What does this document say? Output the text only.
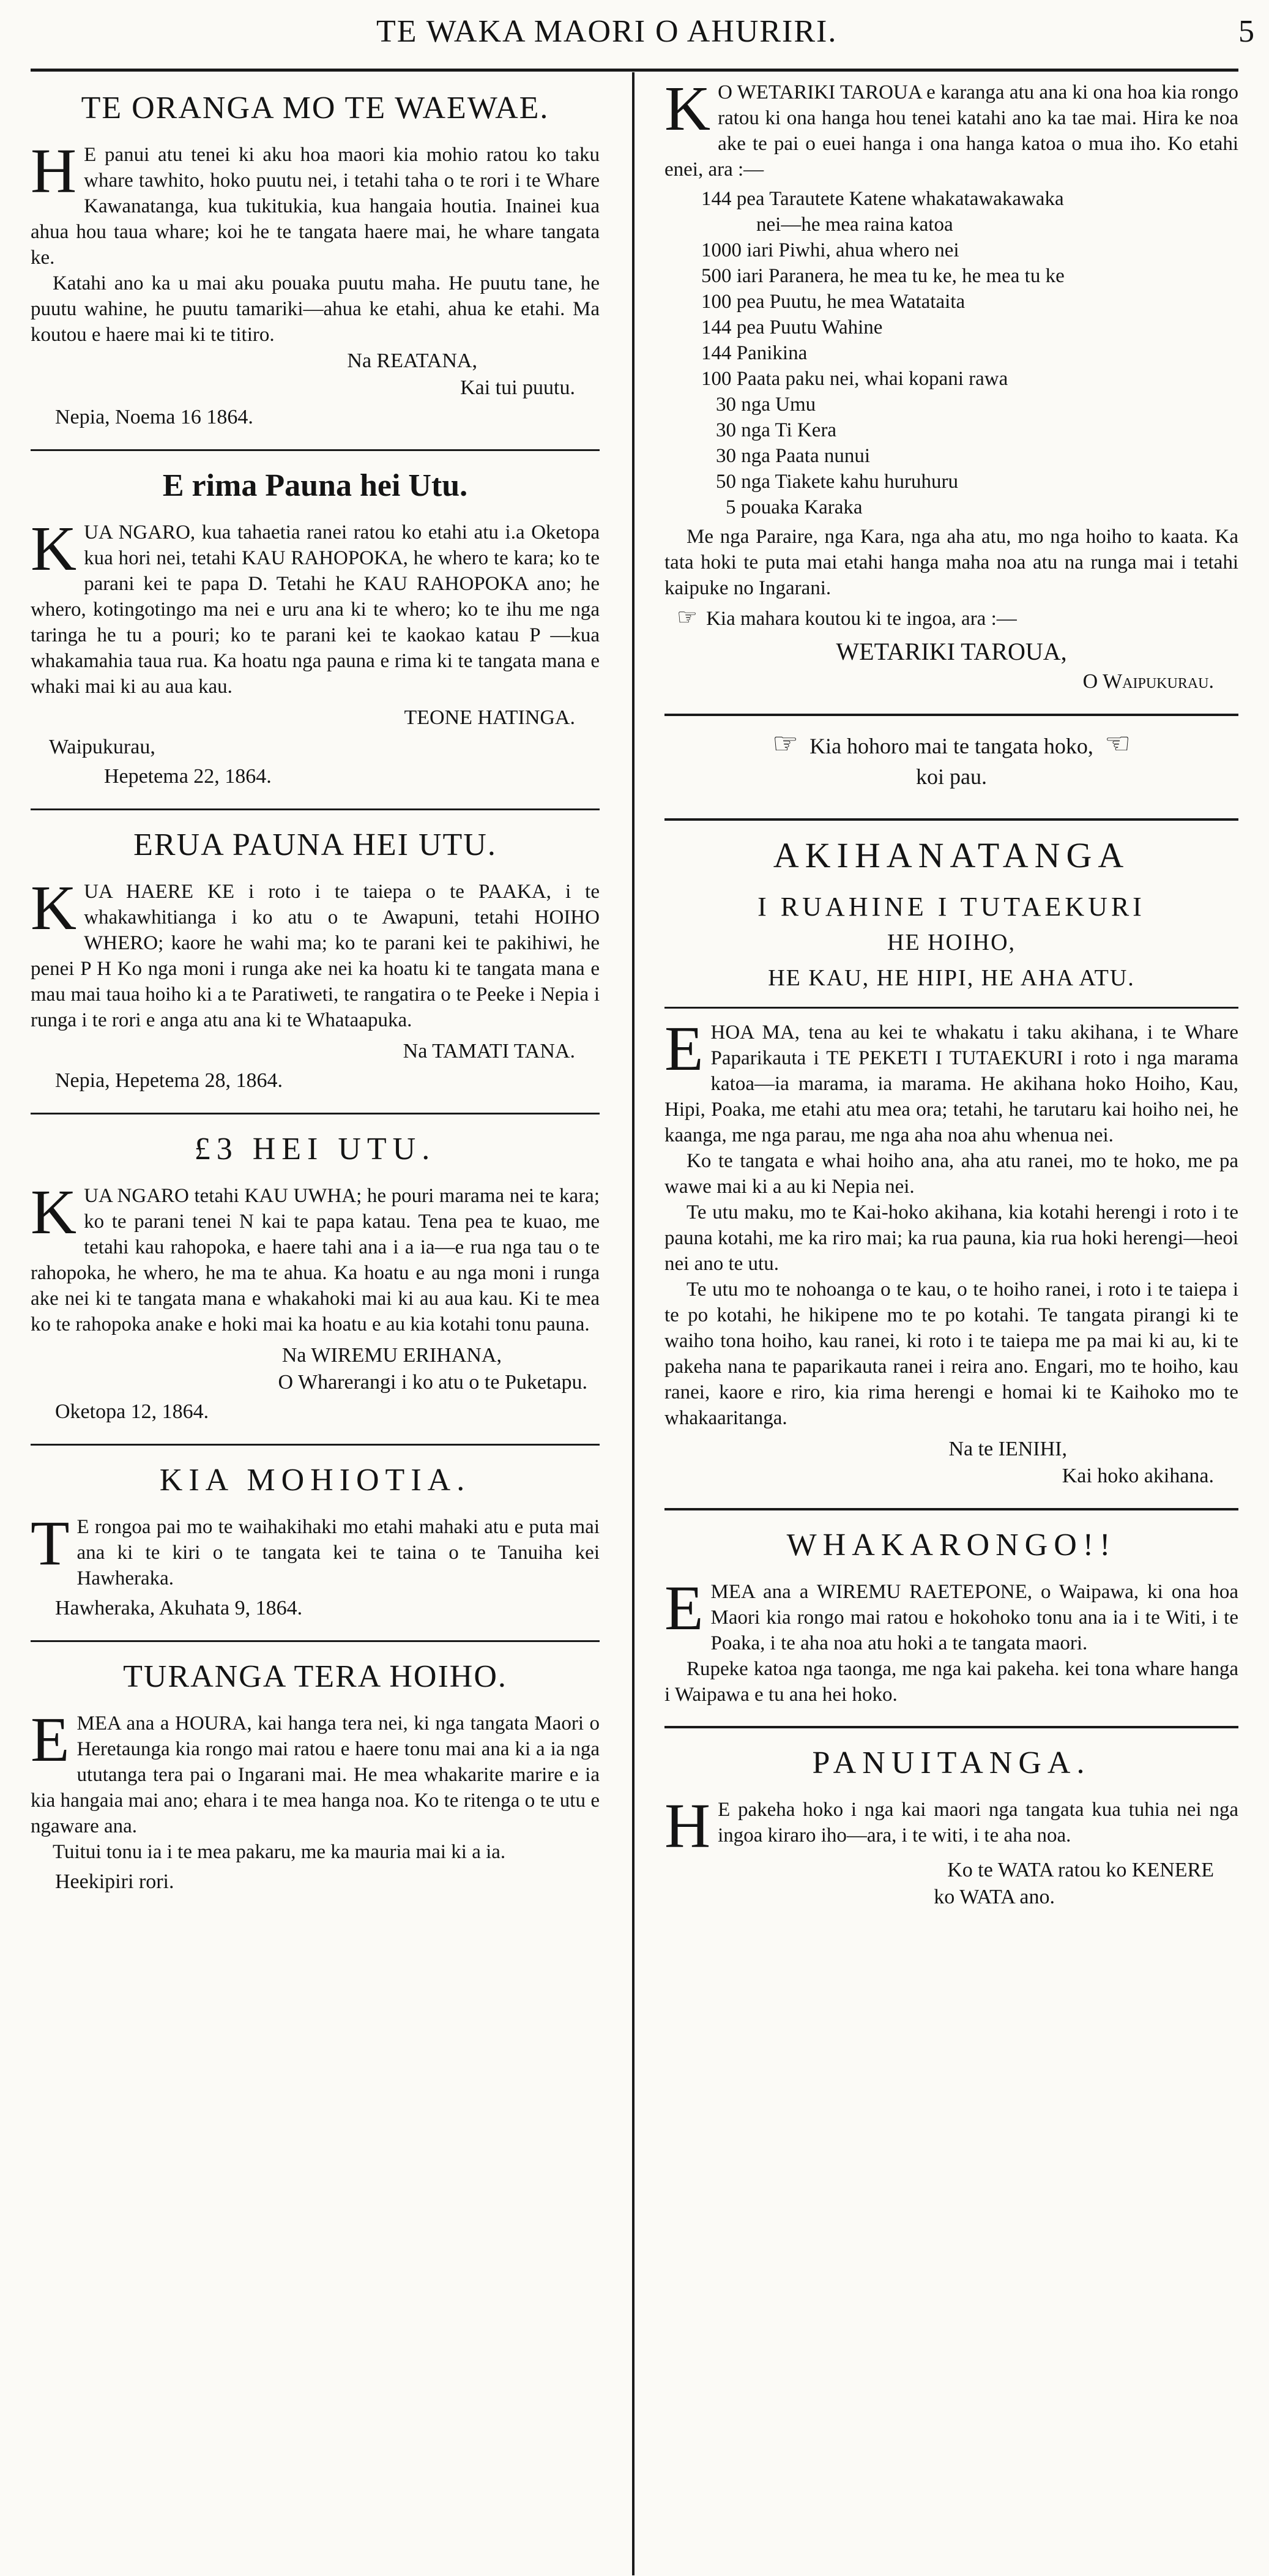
TE WAKA MAORI O AHURIRI.	5
TE ORANGA MO TE WAEWAE.

H E panui atu tenei ki aku hoa maori kia mohio ratou ko taku whare tawhito, hoko puutu nei, i tetahi taha o te rori i te Whare Kawanatanga, kua tukitukia, kua hangaia houtia. Inainei kua ahua hou taua whare; koi he te tangata haere mai, he whare tangata ke.

Katahi ano ka u mai aku pouaka puutu maha. He puutu tane, he puutu wahine, he puutu tamariki—ahua ke etahi, ahua ke etahi. Ma koutou e haere mai ki te titiro.

Na REATANA,
Kai tui puutu.
Nepia, Noema 16 1864.
E rima Pauna hei Utu.

KUA NGARO, kua tahaetia ranei ratou ko etahi atu i.a Oketopa kua hori nei, tetahi KAU RAHOPOKA, he whero te kara; ko te parani kei te papa D. Tetahi he KAU RAHOPOKA ano; he whero, kotingotingo ma nei e uru ana ki te whero; ko te ihu me nga taringa he tu a pouri; ko te parani kei te kaokao katau P —kua whakamahia taua rua. Ka hoatu nga pauna e rima ki te tangata mana e whaki mai ki au aua kau.

TEONE HATINGA.
Waipukurau,
Hepetema 22, 1864.
ERUA PAUNA HEI UTU.

KUA HAERE KE i roto i te taiepa o te PAAKA, i te whakawhitianga i ko atu o te Awapuni, tetahi HOIHO WHERO; kaore he wahi ma; ko te parani kei te pakihiwi, he penei P H Ko nga moni i runga ake nei ka hoatu ki te tangata mana e mau mai taua hoiho ki a te Paratiweti, te rangatira o te Peeke i Nepia i runga i te rori e anga atu ana ki te Whataapuka.

Na TAMATI TANA.
Nepia, Hepetema 28, 1864.
£3 HEI UTU.

KUA NGARO tetahi KAU UWHA; he pouri marama nei te kara; ko te parani tenei N kai te papa katau. Tena pea te kuao, me tetahi kau rahopoka, e haere tahi ana i a ia—e rua nga tau o te rahopoka, he whero, he ma te ahua. Ka hoatu e au nga moni i runga ake nei ki te tangata mana e whakahoki mai ki au aua kau. Ki te mea ko te rahopoka anake e hoki mai ka hoatu e au kia kotahi tonu pauna.

Na WIREMU ERIHANA,
O Wharerangi i ko atu o te Puketapu.
Oketopa 12, 1864.
KIA MOHIOTIA.

T E rongoa pai mo te waihakihaki mo etahi mahaki atu e puta mai ana ki te kiri o te tangata kei te taina o te Tanuiha kei Hawheraka.

Hawheraka, Akuhata 9, 1864.
TURANGA TERA HOIHO.

EMEA ana a HOURA, kai hanga tera nei, ki nga tangata Maori o Heretaunga kia rongo mai ratou e haere tonu mai ana ki a ia nga ututanga tera pai o Ingarani mai. He mea whakarite marire e ia kia hangaia mai ano; ehara i te mea hanga noa. Ko te ritenga o te utu e ngaware ana.

Tuitui tonu ia i te mea pakaru, me ka mauria mai ki a ia.

Heekipiri rori.

K O WETARIKI TAROUA e karanga atu ana ki ona hoa kia rongo ratou ki ona hanga hou tenei katahi ano ka tae mai. Hira ke noa ake te pai o euei hanga i ona hanga katoa o mua iho. Ko etahi enei, ara :—

144 pea Tarautete Katene whakatawakawaka
nei—he mea raina katoa
1000 iari Piwhi, ahua whero nei
500 iari Paranera, he mea tu ke, he mea tu ke
100 pea Puutu, he mea Watataita
144 pea Puutu Wahine
144 Panikina
100 Paata paku nei, whai kopani rawa
30 nga Umu
30 nga Ti Kera
30 nga Paata nunui
50 nga Tiakete kahu huruhuru
5 pouaka Karaka

Me nga Paraire, nga Kara, nga aha atu, mo nga hoiho to kaata. Ka tata hoki te puta mai etahi hanga maha noa atu na runga mai i tetahi kaipuke no Ingarani.

☞ Kia mahara koutou ki te ingoa, ara :—

WETARIKI TAROUA,
O Waipukurau.
☞ Kia hohoro mai te tangata hoko, ☜
koi pau.
AKIHANATANGA
I RUAHINE I TUTAEKURI
HE HOIHO,
HE KAU, HE HIPI, HE AHA ATU.

EHOA MA, tena au kei te whakatu i taku akihana, i te Whare Paparikauta i TE PEKETI I TUTAEKURI i roto i nga marama katoa—ia marama, ia marama. He akihana hoko Hoiho, Kau, Hipi, Poaka, me etahi atu mea ora; tetahi, he tarutaru kai hoiho nei, he kaanga, me nga parau, me nga aha noa ahu whenua nei.

Ko te tangata e whai hoiho ana, aha atu ranei, mo te hoko, me pa wawe mai ki a au ki Nepia nei.

Te utu maku, mo te Kai-hoko akihana, kia kotahi herengi i roto i te pauna kotahi, me ka riro mai; ka rua pauna, kia rua hoki herengi—heoi nei ano te utu.

Te utu mo te nohoanga o te kau, o te hoiho ranei, i roto i te taiepa i te po kotahi, he hikipene mo te po kotahi. Te tangata pirangi ki te waiho tona hoiho, kau ranei, ki roto i te taiepa me pa mai ki au, ki te pakeha nana te paparikauta ranei i reira ano. Engari, mo te hoiho, kau ranei, kaore e riro, kia rima herengi e homai ki te Kaihoko mo te whakaaritanga.

Na te IENIHI,
Kai hoko akihana.
WHAKARONGO!!

EMEA ana a WIREMU RAETEPONE, o Waipawa, ki ona hoa Maori kia rongo mai ratou e hokohoko tonu ana ia i te Witi, i te Poaka, i te aha noa atu hoki a te tangata maori.

Rupeke katoa nga taonga, me nga kai pakeha. kei tona whare hanga i Waipawa e tu ana hei hoko.

PANUITANGA.

H E pakeha hoko i nga kai maori nga tangata kua tuhia nei nga ingoa kiraro iho—ara, i te witi, i te aha noa.

Ko te WATA ratou ko KENERE
ko WATA ano.
